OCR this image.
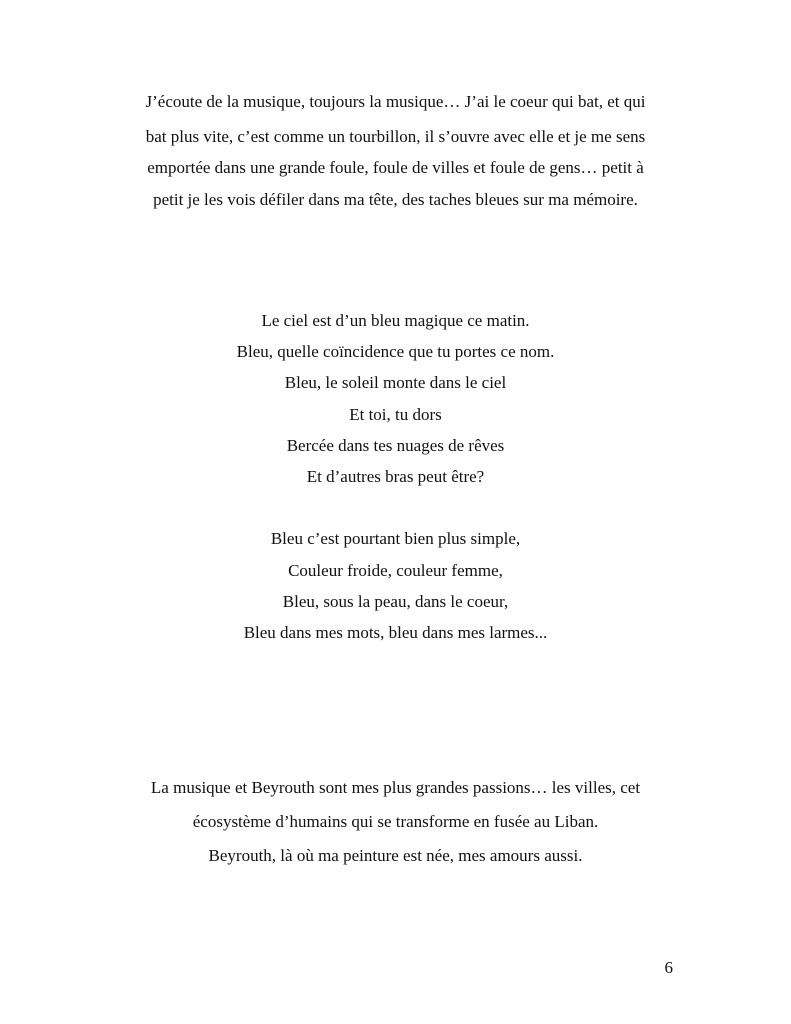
J’écoute de la musique, toujours la musique… J’ai le coeur qui bat, et qui
bat plus vite, c’est comme un tourbillon, il s’ouvre avec elle et je me sens
emportée dans une grande foule, foule de villes et foule de gens… petit à
petit je les vois défiler dans ma tête, des taches bleues sur ma mémoire.
Le ciel est d’un bleu magique ce matin.
Bleu, quelle coïncidence que tu portes ce nom.
Bleu, le soleil monte dans le ciel
Et toi, tu dors
Bercée dans tes nuages de rêves
Et d’autres bras peut être?
Bleu c’est pourtant bien plus simple,
Couleur froide, couleur femme,
Bleu, sous la peau, dans le coeur,
Bleu dans mes mots, bleu dans mes larmes...
La musique et Beyrouth sont mes plus grandes passions… les villes, cet
écosystème d’humains qui se transforme en fusée au Liban.
Beyrouth, là où ma peinture est née, mes amours aussi.
6
